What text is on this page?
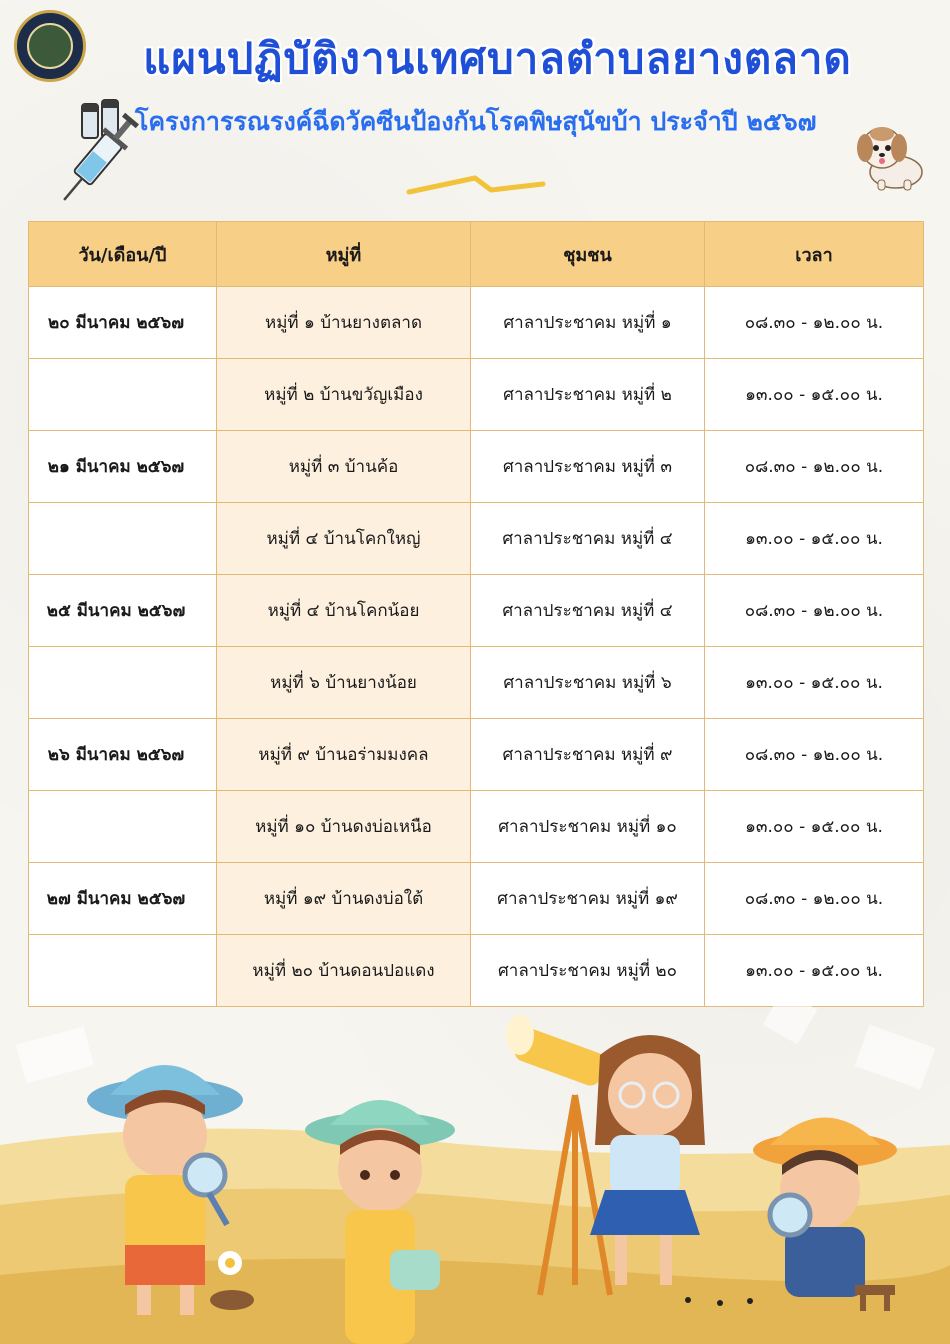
แผนปฏิบัติงานเทศบาลตำบลยางตลาด
โครงการรณรงค์ฉีดวัคซีนป้องกันโรคพิษสุนัขบ้า ประจำปี ๒๕๖๗
วัน/เดือน/ปี	หมู่ที่	ชุมชน	เวลา
๒๐ มีนาคม ๒๕๖๗	หมู่ที่ ๑ บ้านยางตลาด	ศาลาประชาคม หมู่ที่ ๑	๐๘.๓๐ - ๑๒.๐๐ น.
	หมู่ที่ ๒ บ้านขวัญเมือง	ศาลาประชาคม หมู่ที่ ๒	๑๓.๐๐ - ๑๕.๐๐ น.
๒๑ มีนาคม ๒๕๖๗	หมู่ที่ ๓ บ้านค้อ	ศาลาประชาคม หมู่ที่ ๓	๐๘.๓๐ - ๑๒.๐๐ น.
	หมู่ที่ ๔ บ้านโคกใหญ่	ศาลาประชาคม หมู่ที่ ๔	๑๓.๐๐ - ๑๕.๐๐ น.
๒๕ มีนาคม ๒๕๖๗	หมู่ที่ ๔ บ้านโคกน้อย	ศาลาประชาคม หมู่ที่ ๔	๐๘.๓๐ - ๑๒.๐๐ น.
	หมู่ที่ ๖ บ้านยางน้อย	ศาลาประชาคม หมู่ที่ ๖	๑๓.๐๐ - ๑๕.๐๐ น.
๒๖ มีนาคม ๒๕๖๗	หมู่ที่ ๙ บ้านอร่ามมงคล	ศาลาประชาคม หมู่ที่ ๙	๐๘.๓๐ - ๑๒.๐๐ น.
	หมู่ที่ ๑๐ บ้านดงบ่อเหนือ	ศาลาประชาคม หมู่ที่ ๑๐	๑๓.๐๐ - ๑๕.๐๐ น.
๒๗ มีนาคม ๒๕๖๗	หมู่ที่ ๑๙ บ้านดงบ่อใต้	ศาลาประชาคม หมู่ที่ ๑๙	๐๘.๓๐ - ๑๒.๐๐ น.
	หมู่ที่ ๒๐ บ้านดอนปอแดง	ศาลาประชาคม หมู่ที่ ๒๐	๑๓.๐๐ - ๑๕.๐๐ น.
